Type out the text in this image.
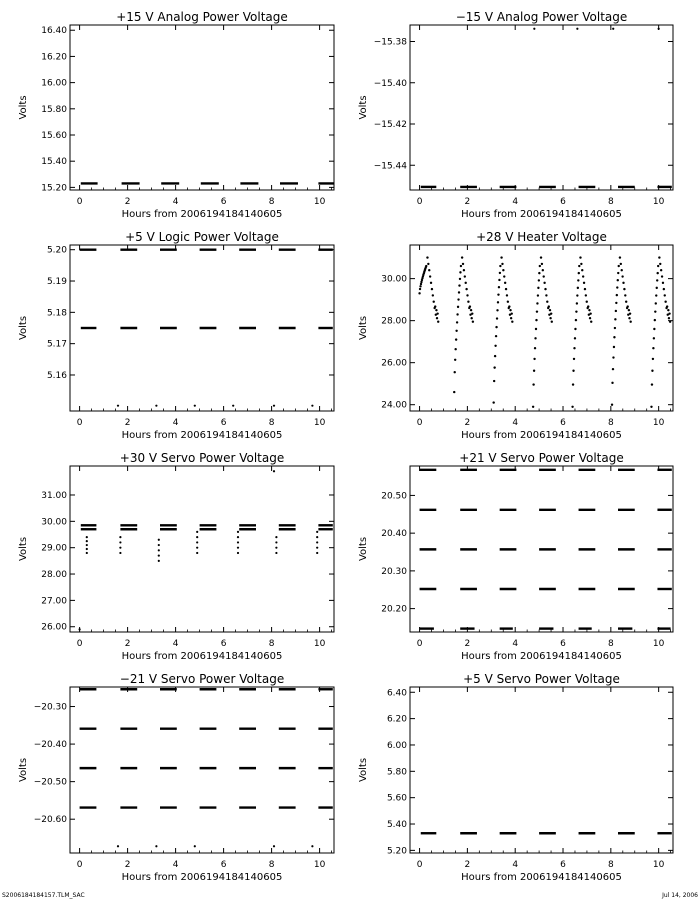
+15 V Analog Power Voltage
0	2	4	6	8	10
15.20
15.40
15.60
15.80
16.00
16.20
16.40
Hours from 2006194184140605
Volts
−15 V Analog Power Voltage
0	2	4	6	8	10
−15.44
−15.42
−15.40
−15.38
Hours from 2006194184140605
Volts
+5 V Logic Power Voltage
0	2	4	6	8	10
5.16
5.17
5.18
5.19
5.20
Hours from 2006194184140605
Volts
+28 V Heater Voltage
0	2	4	6	8	10
24.00
26.00
28.00
30.00
Hours from 2006194184140605
Volts
+30 V Servo Power Voltage
0	2	4	6	8	10
26.00
27.00
28.00
29.00
30.00
31.00
Hours from 2006194184140605
Volts
+21 V Servo Power Voltage
0	2	4	6	8	10
20.20
20.30
20.40
20.50
Hours from 2006194184140605
Volts
−21 V Servo Power Voltage
0	2	4	6	8	10
−20.60
−20.50
−20.40
−20.30
Hours from 2006194184140605
Volts
+5 V Servo Power Voltage
0	2	4	6	8	10
5.20
5.40
5.60
5.80
6.00
6.20
6.40
Hours from 2006194184140605
Volts
S2006184184157.TLM_SAC	Jul 14, 2006
